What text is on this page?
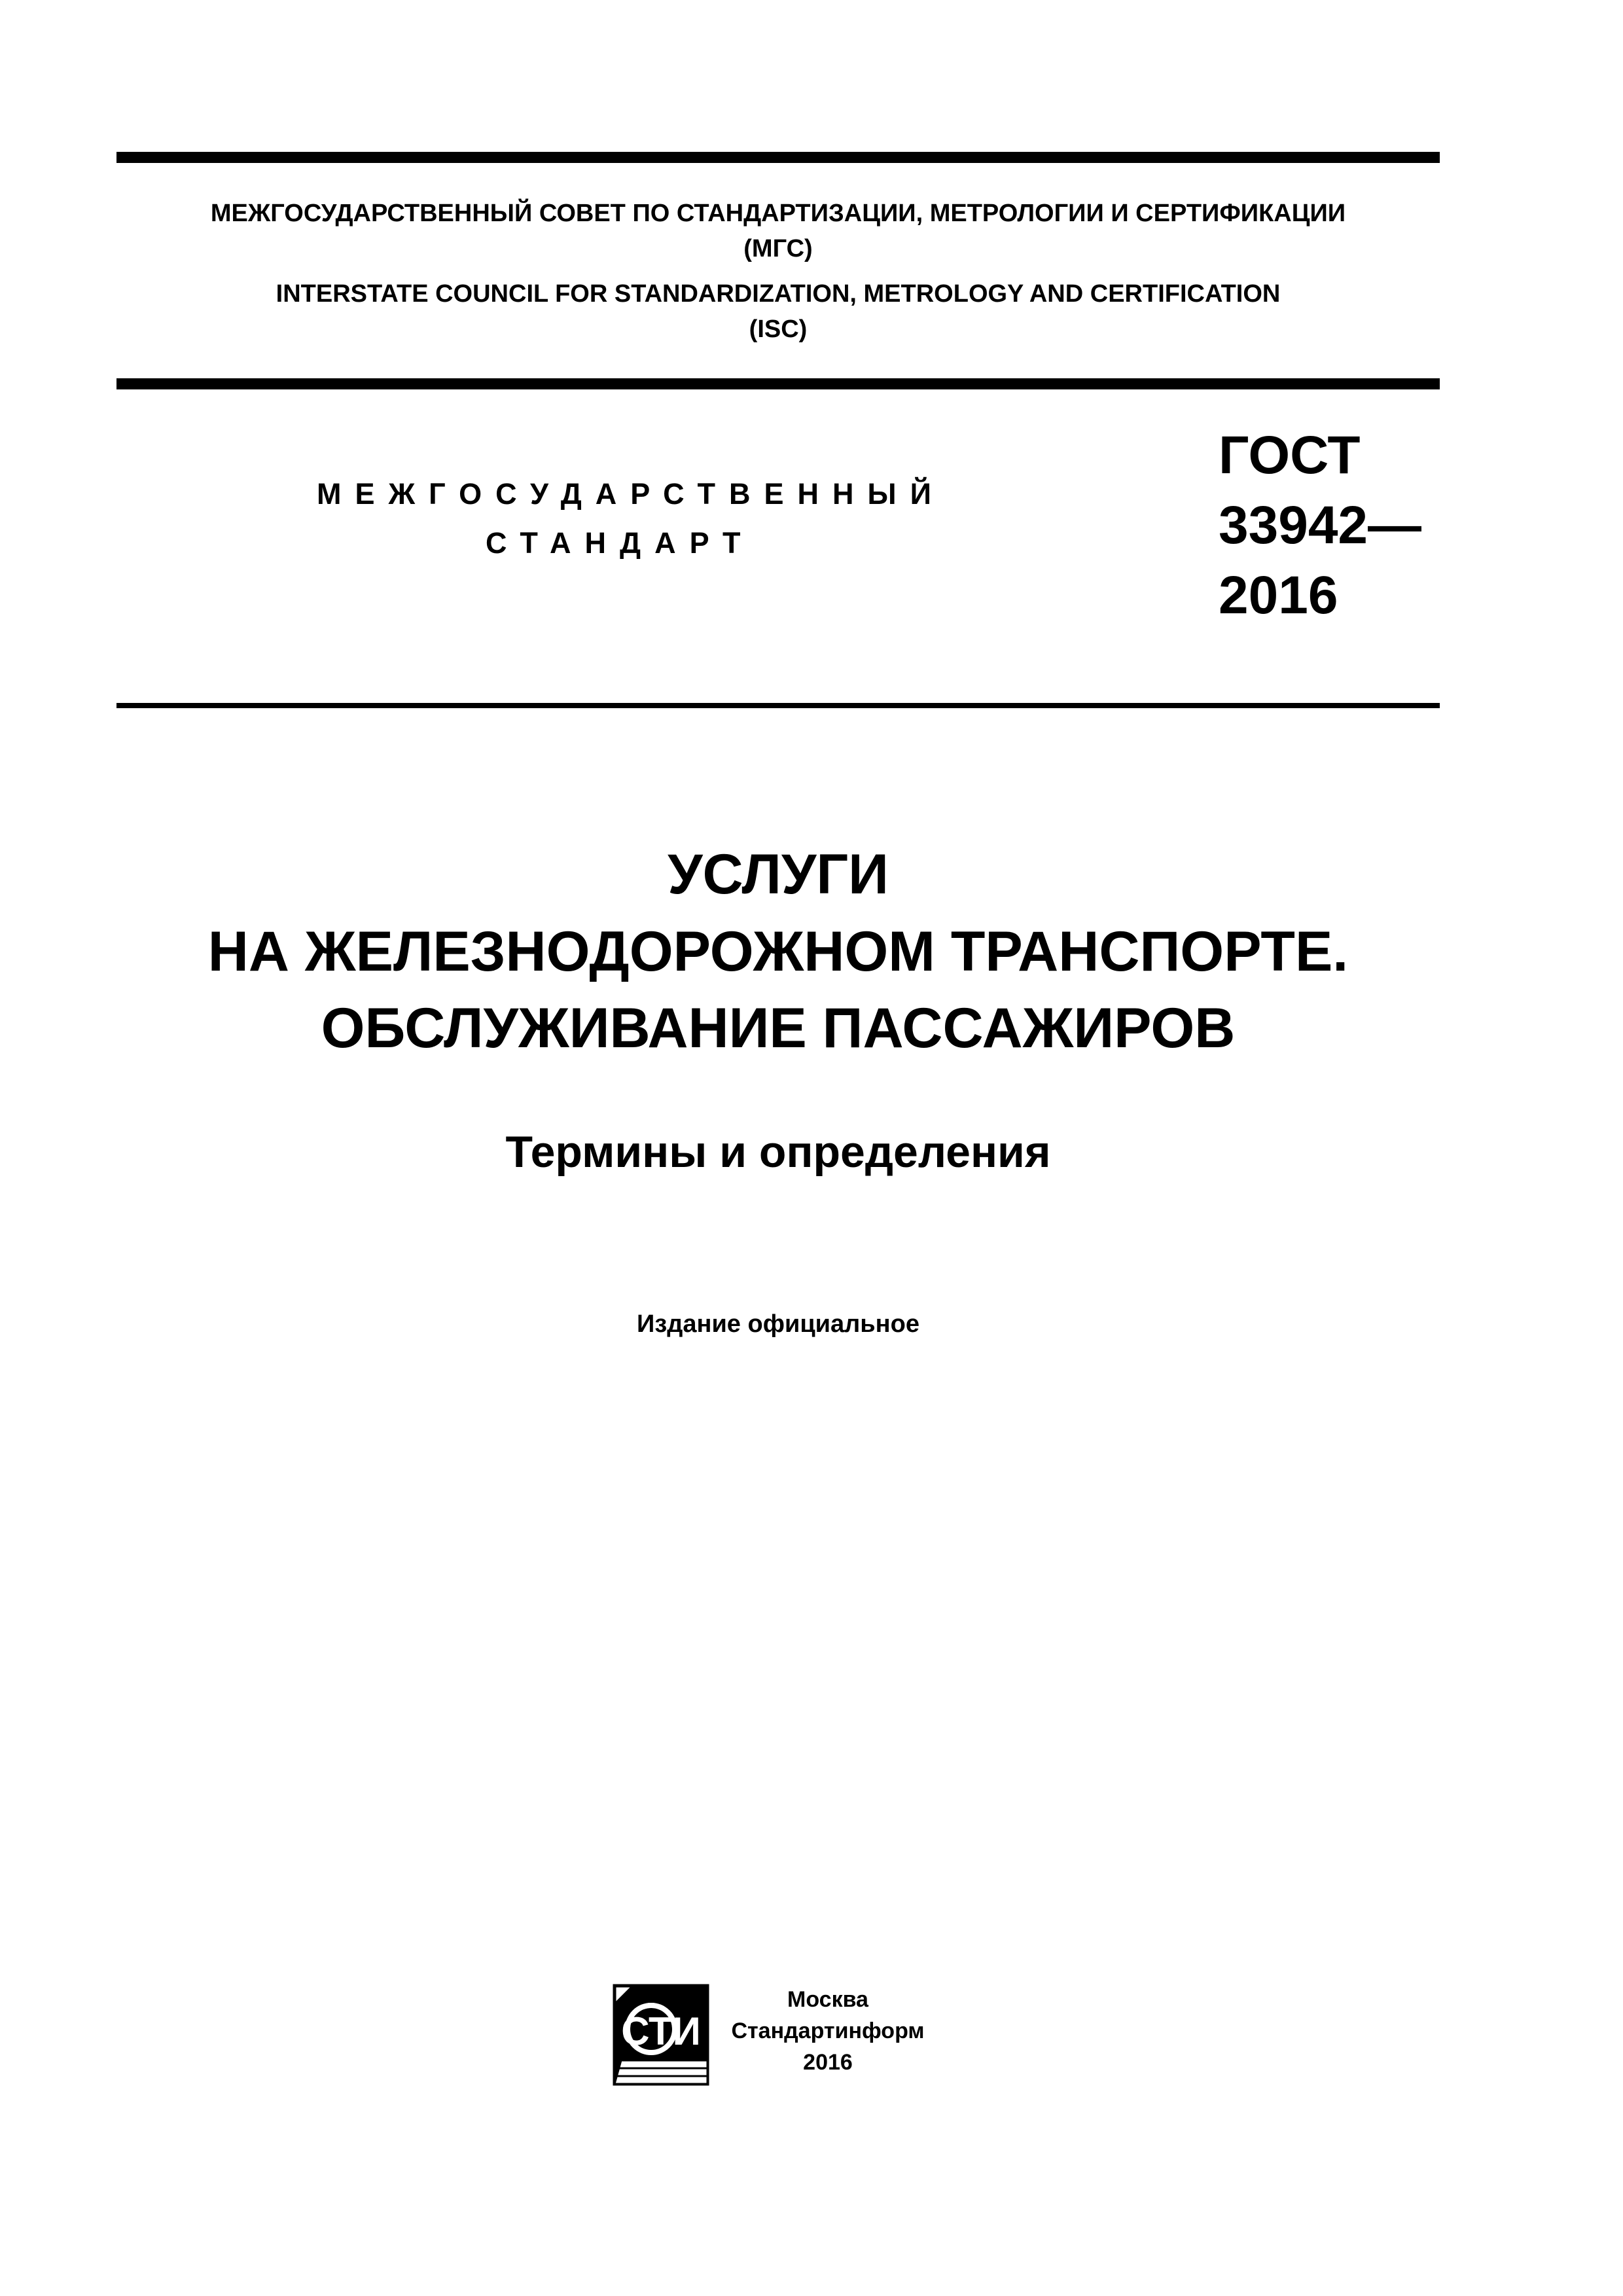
МЕЖГОСУДАРСТВЕННЫЙ СОВЕТ ПО СТАНДАРТИЗАЦИИ, МЕТРОЛОГИИ И СЕРТИФИКАЦИИ
(МГС)
INTERSTATE COUNCIL FOR STANDARDIZATION, METROLOGY AND CERTIFICATION
(ISC)
МЕЖГОСУДАРСТВЕННЫЙ
СТАНДАРТ
ГОСТ
33942—
2016
УСЛУГИ
НА ЖЕЛЕЗНОДОРОЖНОМ ТРАНСПОРТЕ.
ОБСЛУЖИВАНИЕ ПАССАЖИРОВ
Термины и определения
Издание официальное
СТИ
Москва
Стандартинформ
2016
